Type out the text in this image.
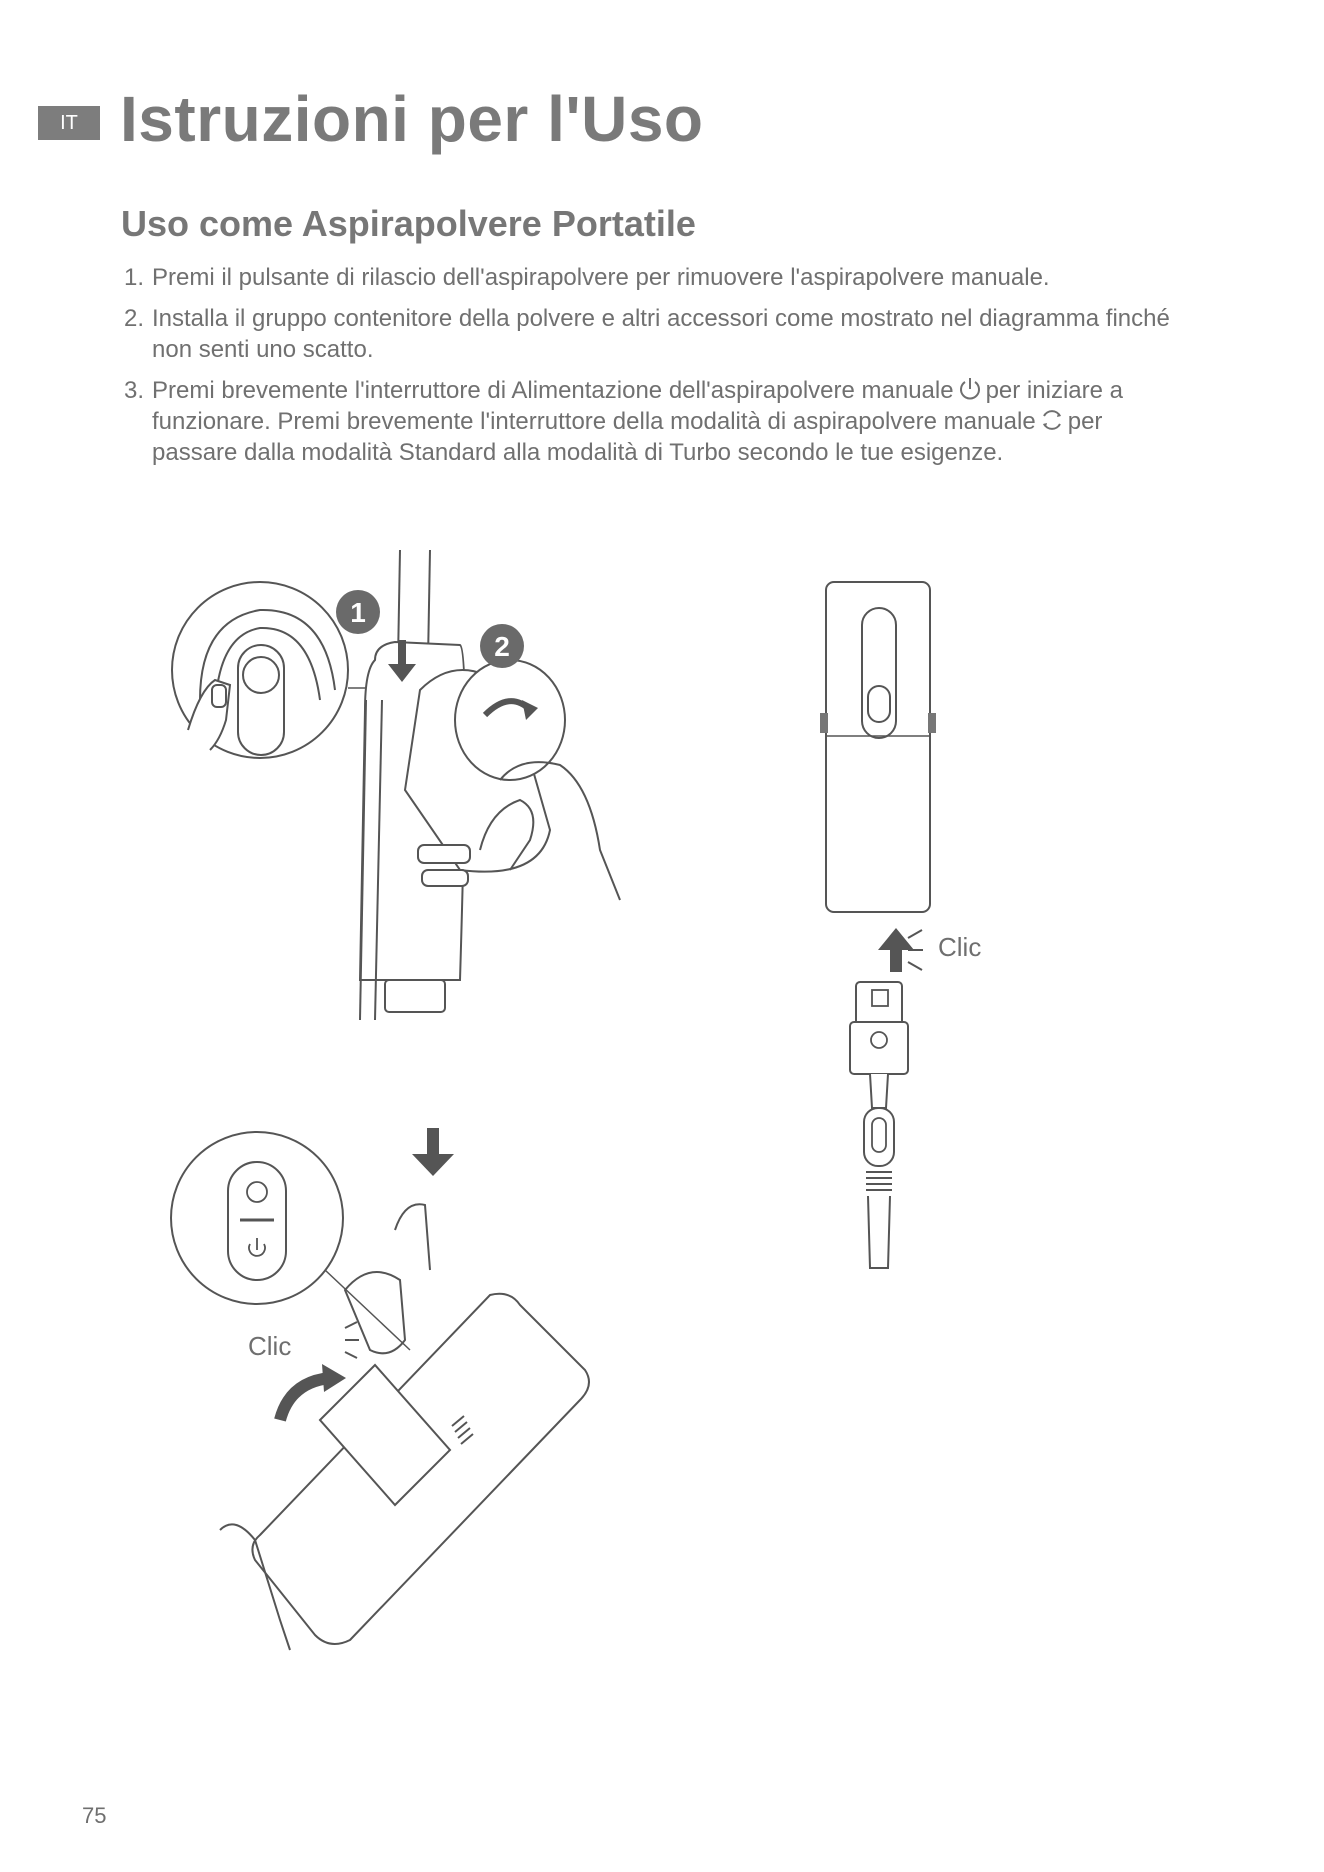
IT Istruzioni per l'Uso
Uso come Aspirapolvere Portatile
1. Premi il pulsante di rilascio dell'aspirapolvere per rimuovere l'aspirapolvere manuale.
2. Installa il gruppo contenitore della polvere e altri accessori come mostrato nel diagramma finché non senti uno scatto.
3. Premi brevemente l'interruttore di Alimentazione dell'aspirapolvere manuale per iniziare a funzionare. Premi brevemente l'interruttore della modalità di aspirapolvere manuale per passare dalla modalità Standard alla modalità di Turbo secondo le tue esigenze.
1
2
Clic
Clic
75
